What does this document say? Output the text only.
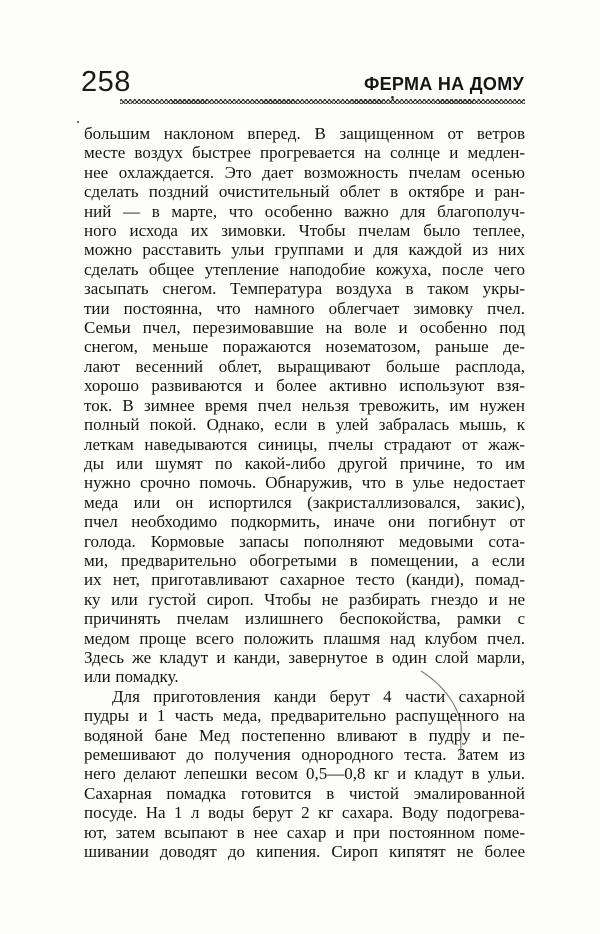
258	ФЕРМА НА ДОМУ
большим наклоном вперед. В защищенном от ветров
месте воздух быстрее прогревается на солнце и медлен-
нее охлаждается. Это дает возможность пчелам осенью
сделать поздний очистительный облет в октябре и ран-
ний — в марте, что особенно важно для благополуч-
ного исхода их зимовки. Чтобы пчелам было теплее,
можно расставить ульи группами и для каждой из них
сделать общее утепление наподобие кожуха, после чего
засыпать снегом. Температура воздуха в таком укры-
тии постоянна, что намного облегчает зимовку пчел.
Семьи пчел, перезимовавшие на воле и особенно под
снегом, меньше поражаются нозематозом, раньше де-
лают весенний облет, выращивают больше расплода,
хорошо развиваются и более активно используют взя-
ток. В зимнее время пчел нельзя тревожить, им нужен
полный покой. Однако, если в улей забралась мышь, к
леткам наведываются синицы, пчелы страдают от жаж-
ды или шумят по какой-либо другой причине, то им
нужно срочно помочь. Обнаружив, что в улье недостает
меда или он испортился (закристаллизовался, закис),
пчел необходимо подкормить, иначе они погибнут от
голода. Кормовые запасы пополняют медовыми сота-
ми, предварительно обогретыми в помещении, а если
их нет, приготавливают сахарное тесто (канди), помад-
ку или густой сироп. Чтобы не разбирать гнездо и не
причинять пчелам излишнего беспокойства, рамки с
медом проще всего положить плашмя над клубом пчел.
Здесь же кладут и канди, завернутое в один слой марли,
или помадку.
Для приготовления канди берут 4 части сахарной
пудры и 1 часть меда, предварительно распущенного на
водяной бане Мед постепенно вливают в пудру и пе-
ремешивают до получения однородного теста. Затем из
него делают лепешки весом 0,5—0,8 кг и кладут в ульи.
Сахарная помадка готовится в чистой эмалированной
посуде. На 1 л воды берут 2 кг сахара. Воду подогрева-
ют, затем всыпают в нее сахар и при постоянном поме-
шивании доводят до кипения. Сироп кипятят не более
